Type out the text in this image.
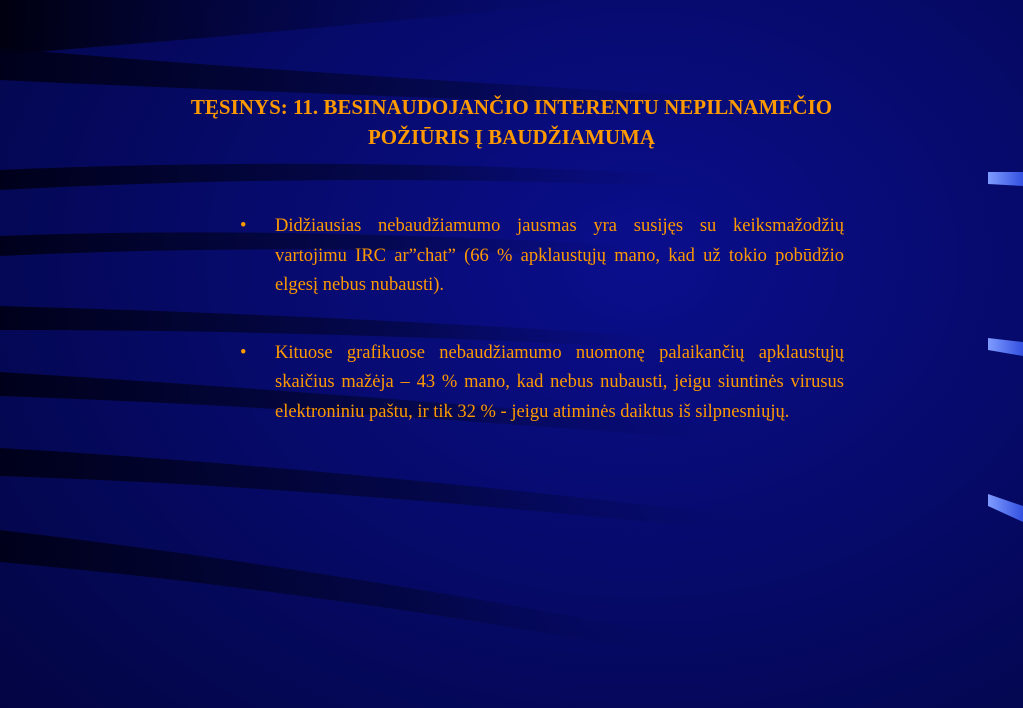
TĘSINYS: 11. BESINAUDOJANČIO INTERENTU NEPILNAMEČIO
POŽIŪRIS Į BAUDŽIAMUMĄ
• Didžiausias nebaudžiamumo jausmas yra susijęs su keiksmažodžių vartojimu IRC ar”chat” (66 % apklaustųjų mano, kad už tokio pobūdžio elgesį nebus nubausti).
• Kituose grafikuose nebaudžiamumo nuomonę palaikančių apklaustųjų skaičius mažėja – 43 % mano, kad nebus nubausti, jeigu siuntinės virusus elektroniniu paštu, ir tik 32 % - jeigu atiminės daiktus iš silpnesniųjų.
